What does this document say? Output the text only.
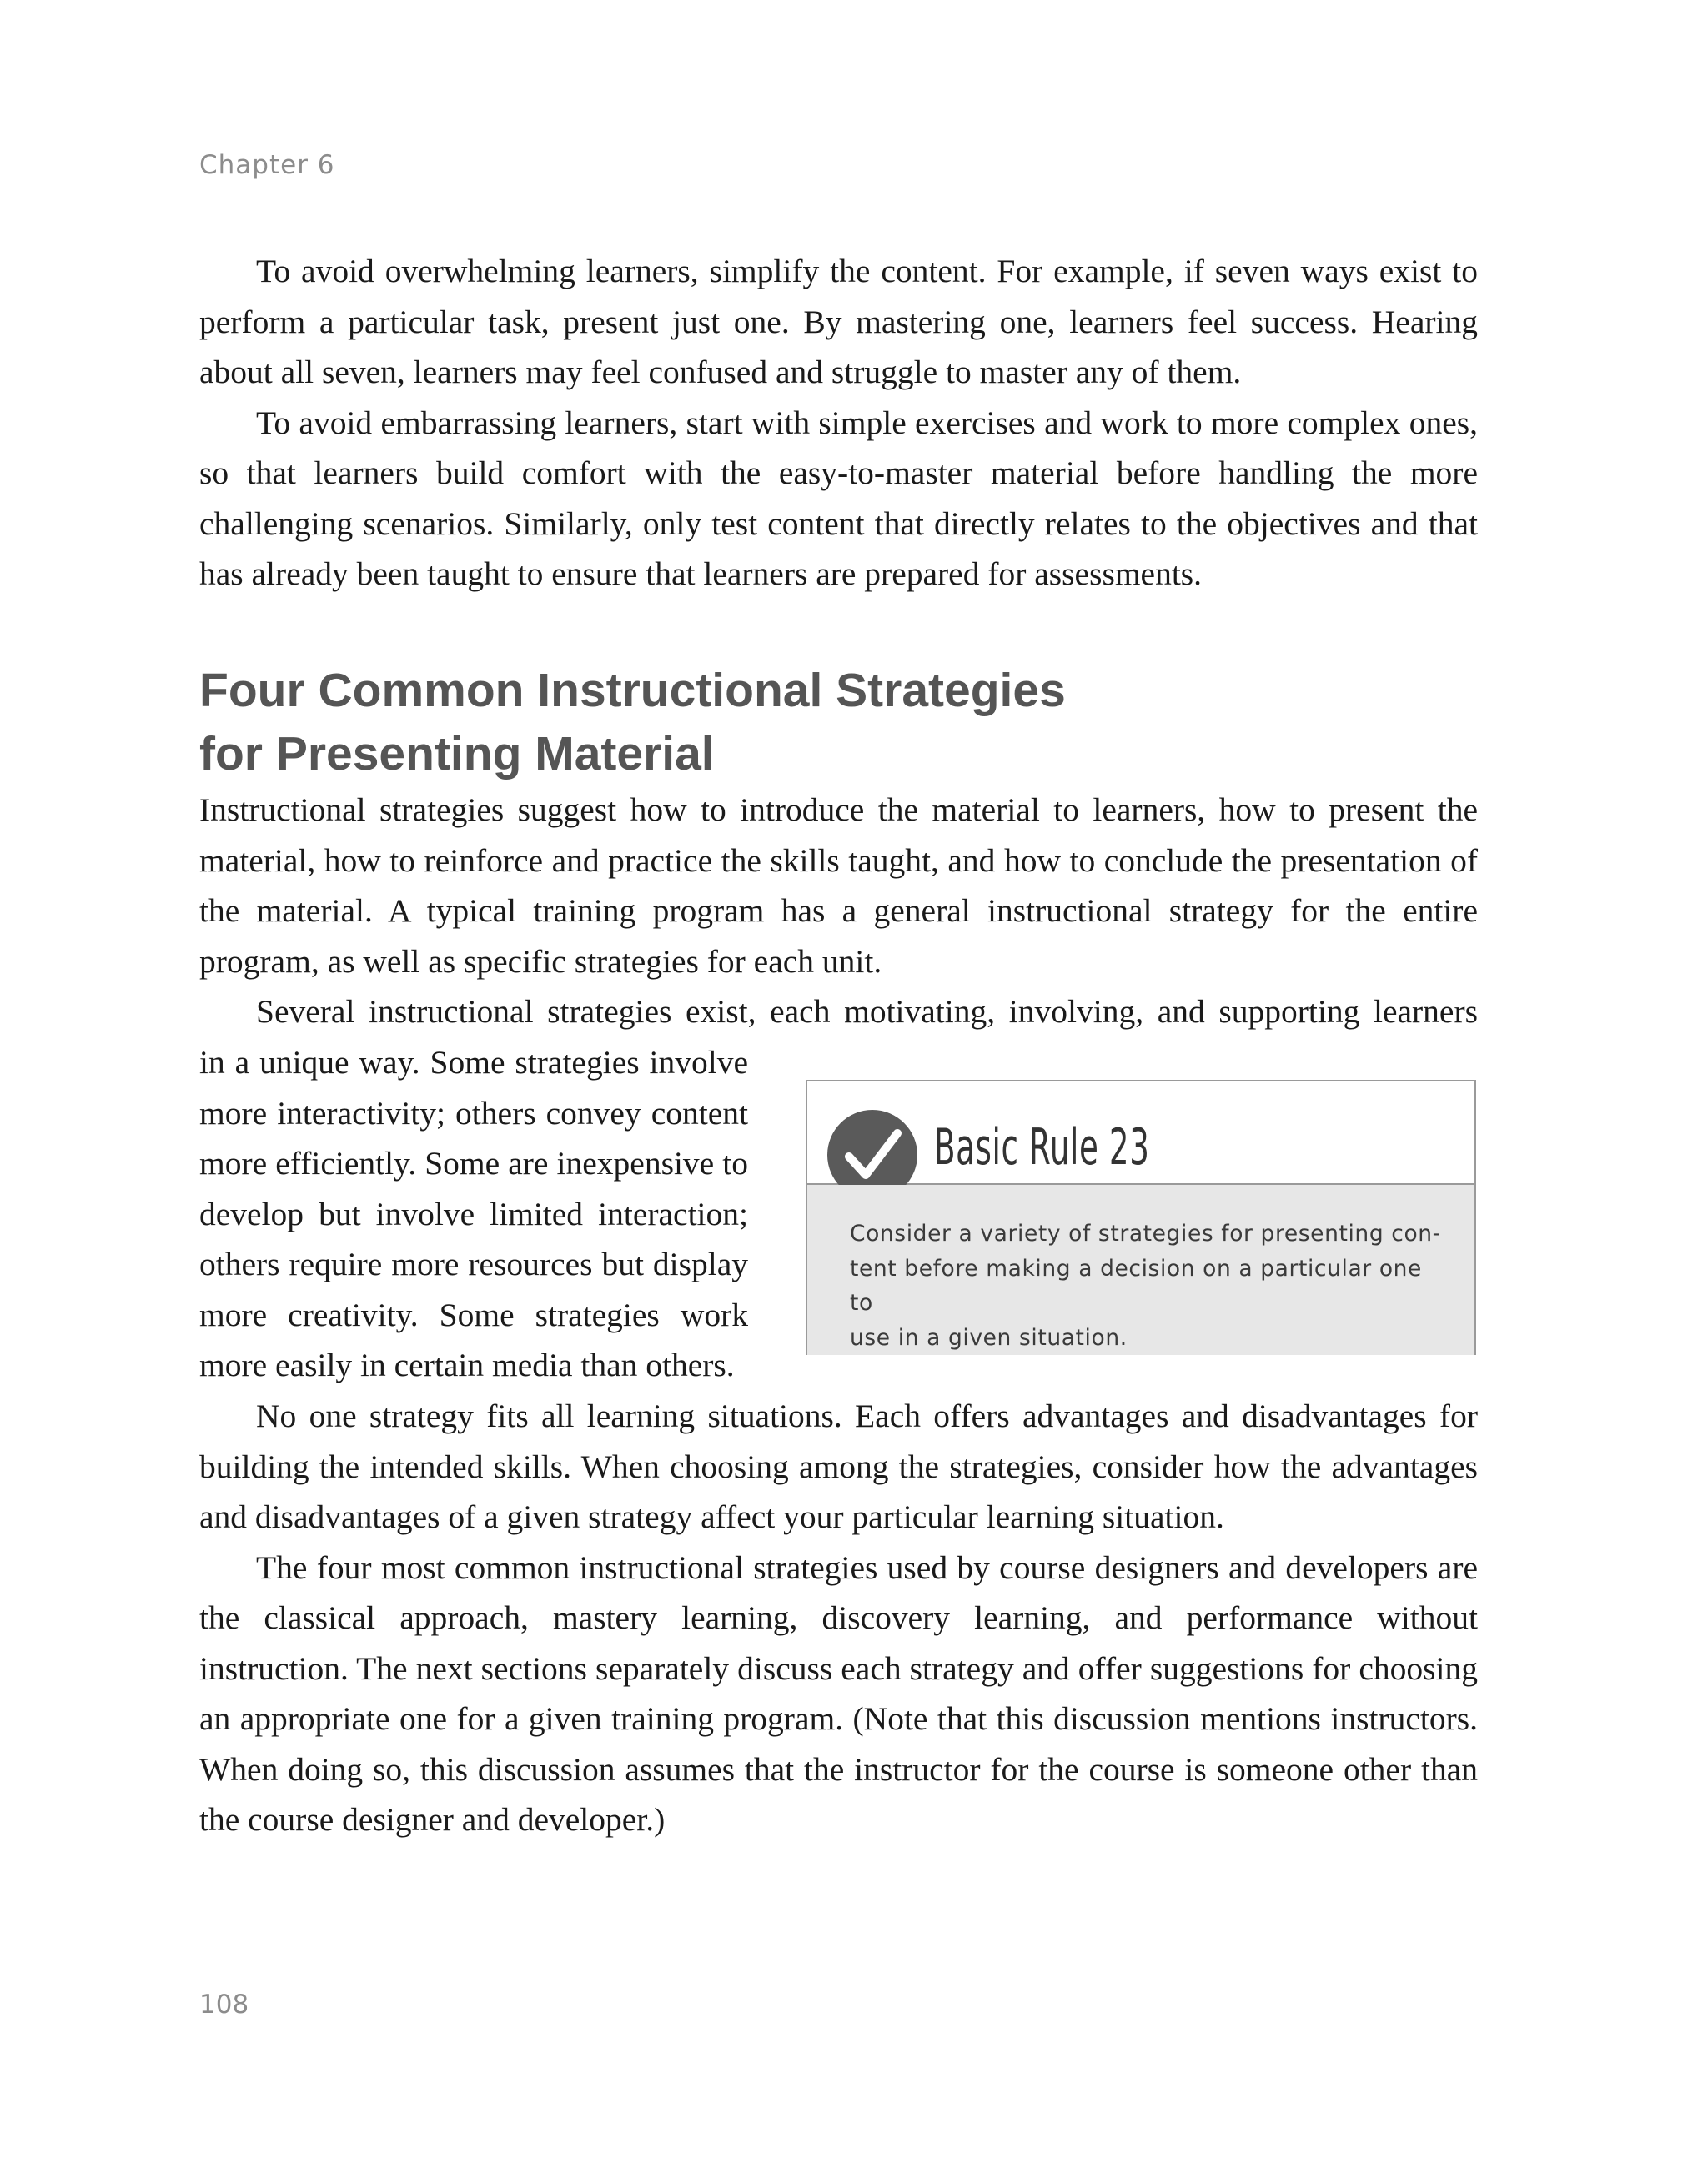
Chapter 6

To avoid overwhelming learners, simplify the content. For example, if seven ways exist to perform a particular task, present just one. By mastering one, learners feel success. Hearing about all seven, learners may feel confused and struggle to master any of them.

To avoid embarrassing learners, start with simple exercises and work to more complex ones, so that learners build comfort with the easy-to-master material before handling the more challenging scenarios. Similarly, only test content that directly relates to the objectives and that has already been taught to ensure that learners are prepared for assessments.

Four Common Instructional Strategies
for Presenting Material

Instructional strategies suggest how to introduce the material to learners, how to present the material, how to reinforce and practice the skills taught, and how to conclude the presentation of the material. A typical training program has a general instructional strategy for the entire program, as well as specific strategies for each unit.

Several instructional strategies exist, each motivating, involving, and supporting learners

in a unique way. Some strategies involve more interactivity; others convey content more efficiently. Some are inexpensive to develop but involve limited interaction; others require more resources but display more creativity. Some strategies work more easily in certain media than others.

Basic Rule 23

Consider a variety of strategies for presenting con-
tent before making a decision on a particular one to
use in a given situation.

No one strategy fits all learning situations. Each offers advantages and disadvantages for building the intended skills. When choosing among the strategies, consider how the advantages and disadvantages of a given strategy affect your particular learning situation.

The four most common instructional strategies used by course designers and developers are the classical approach, mastery learning, discovery learning, and performance without instruction. The next sections separately discuss each strategy and offer suggestions for choosing an appropriate one for a given training program. (Note that this discussion mentions instructors. When doing so, this discussion assumes that the instructor for the course is someone other than the course designer and developer.)

108
